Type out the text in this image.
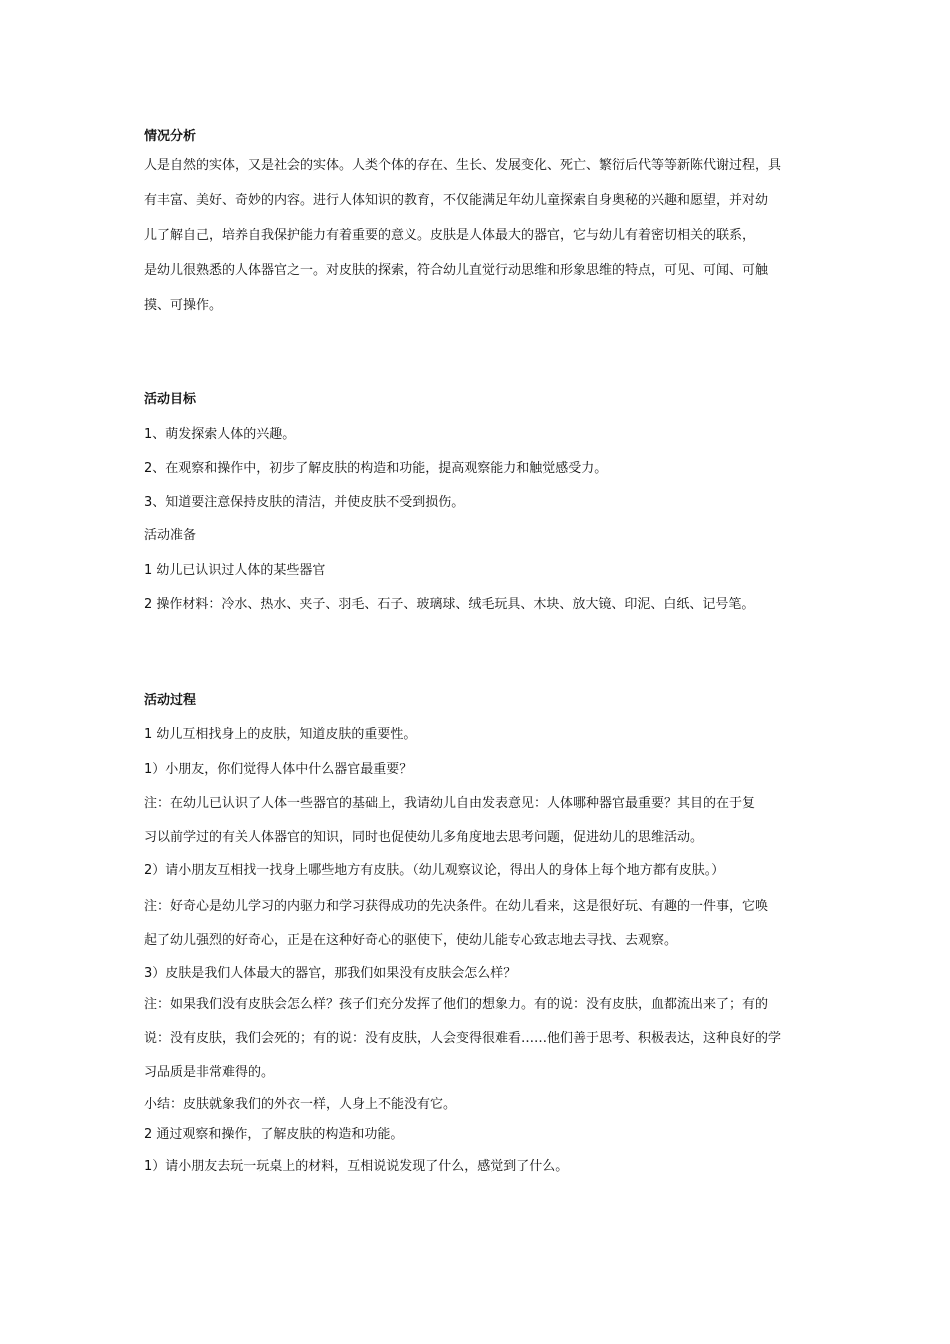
情况分析
人是自然的实体，又是社会的实体。人类个体的存在、生长、发展变化、死亡、繁衍后代等等新陈代谢过程，具
有丰富、美好、奇妙的内容。进行人体知识的教育，不仅能满足年幼儿童探索自身奥秘的兴趣和愿望，并对幼
儿了解自己，培养自我保护能力有着重要的意义。皮肤是人体最大的器官，它与幼儿有着密切相关的联系，
是幼儿很熟悉的人体器官之一。对皮肤的探索，符合幼儿直觉行动思维和形象思维的特点，可见、可闻、可触
摸、可操作。
活动目标
1、萌发探索人体的兴趣。
2、在观察和操作中，初步了解皮肤的构造和功能，提高观察能力和触觉感受力。
3、知道要注意保持皮肤的清洁，并使皮肤不受到损伤。
活动准备
1 幼儿已认识过人体的某些器官
2 操作材料：冷水、热水、夹子、羽毛、石子、玻璃球、绒毛玩具、木块、放大镜、印泥、白纸、记号笔。
活动过程
1 幼儿互相找身上的皮肤，知道皮肤的重要性。
1）小朋友，你们觉得人体中什么器官最重要？
注：在幼儿已认识了人体一些器官的基础上，我请幼儿自由发表意见：人体哪种器官最重要？其目的在于复
习以前学过的有关人体器官的知识，同时也促使幼儿多角度地去思考问题，促进幼儿的思维活动。
2）请小朋友互相找一找身上哪些地方有皮肤。（幼儿观察议论，得出人的身体上每个地方都有皮肤。）
注：好奇心是幼儿学习的内驱力和学习获得成功的先决条件。在幼儿看来，这是很好玩、有趣的一件事，它唤
起了幼儿强烈的好奇心，正是在这种好奇心的驱使下，使幼儿能专心致志地去寻找、去观察。
3）皮肤是我们人体最大的器官，那我们如果没有皮肤会怎么样？
注：如果我们没有皮肤会怎么样？孩子们充分发挥了他们的想象力。有的说：没有皮肤，血都流出来了；有的
说：没有皮肤，我们会死的；有的说：没有皮肤，人会变得很难看……他们善于思考、积极表达，这种良好的学
习品质是非常难得的。
小结：皮肤就象我们的外衣一样，人身上不能没有它。
2 通过观察和操作，了解皮肤的构造和功能。
1）请小朋友去玩一玩桌上的材料，互相说说发现了什么，感觉到了什么。
